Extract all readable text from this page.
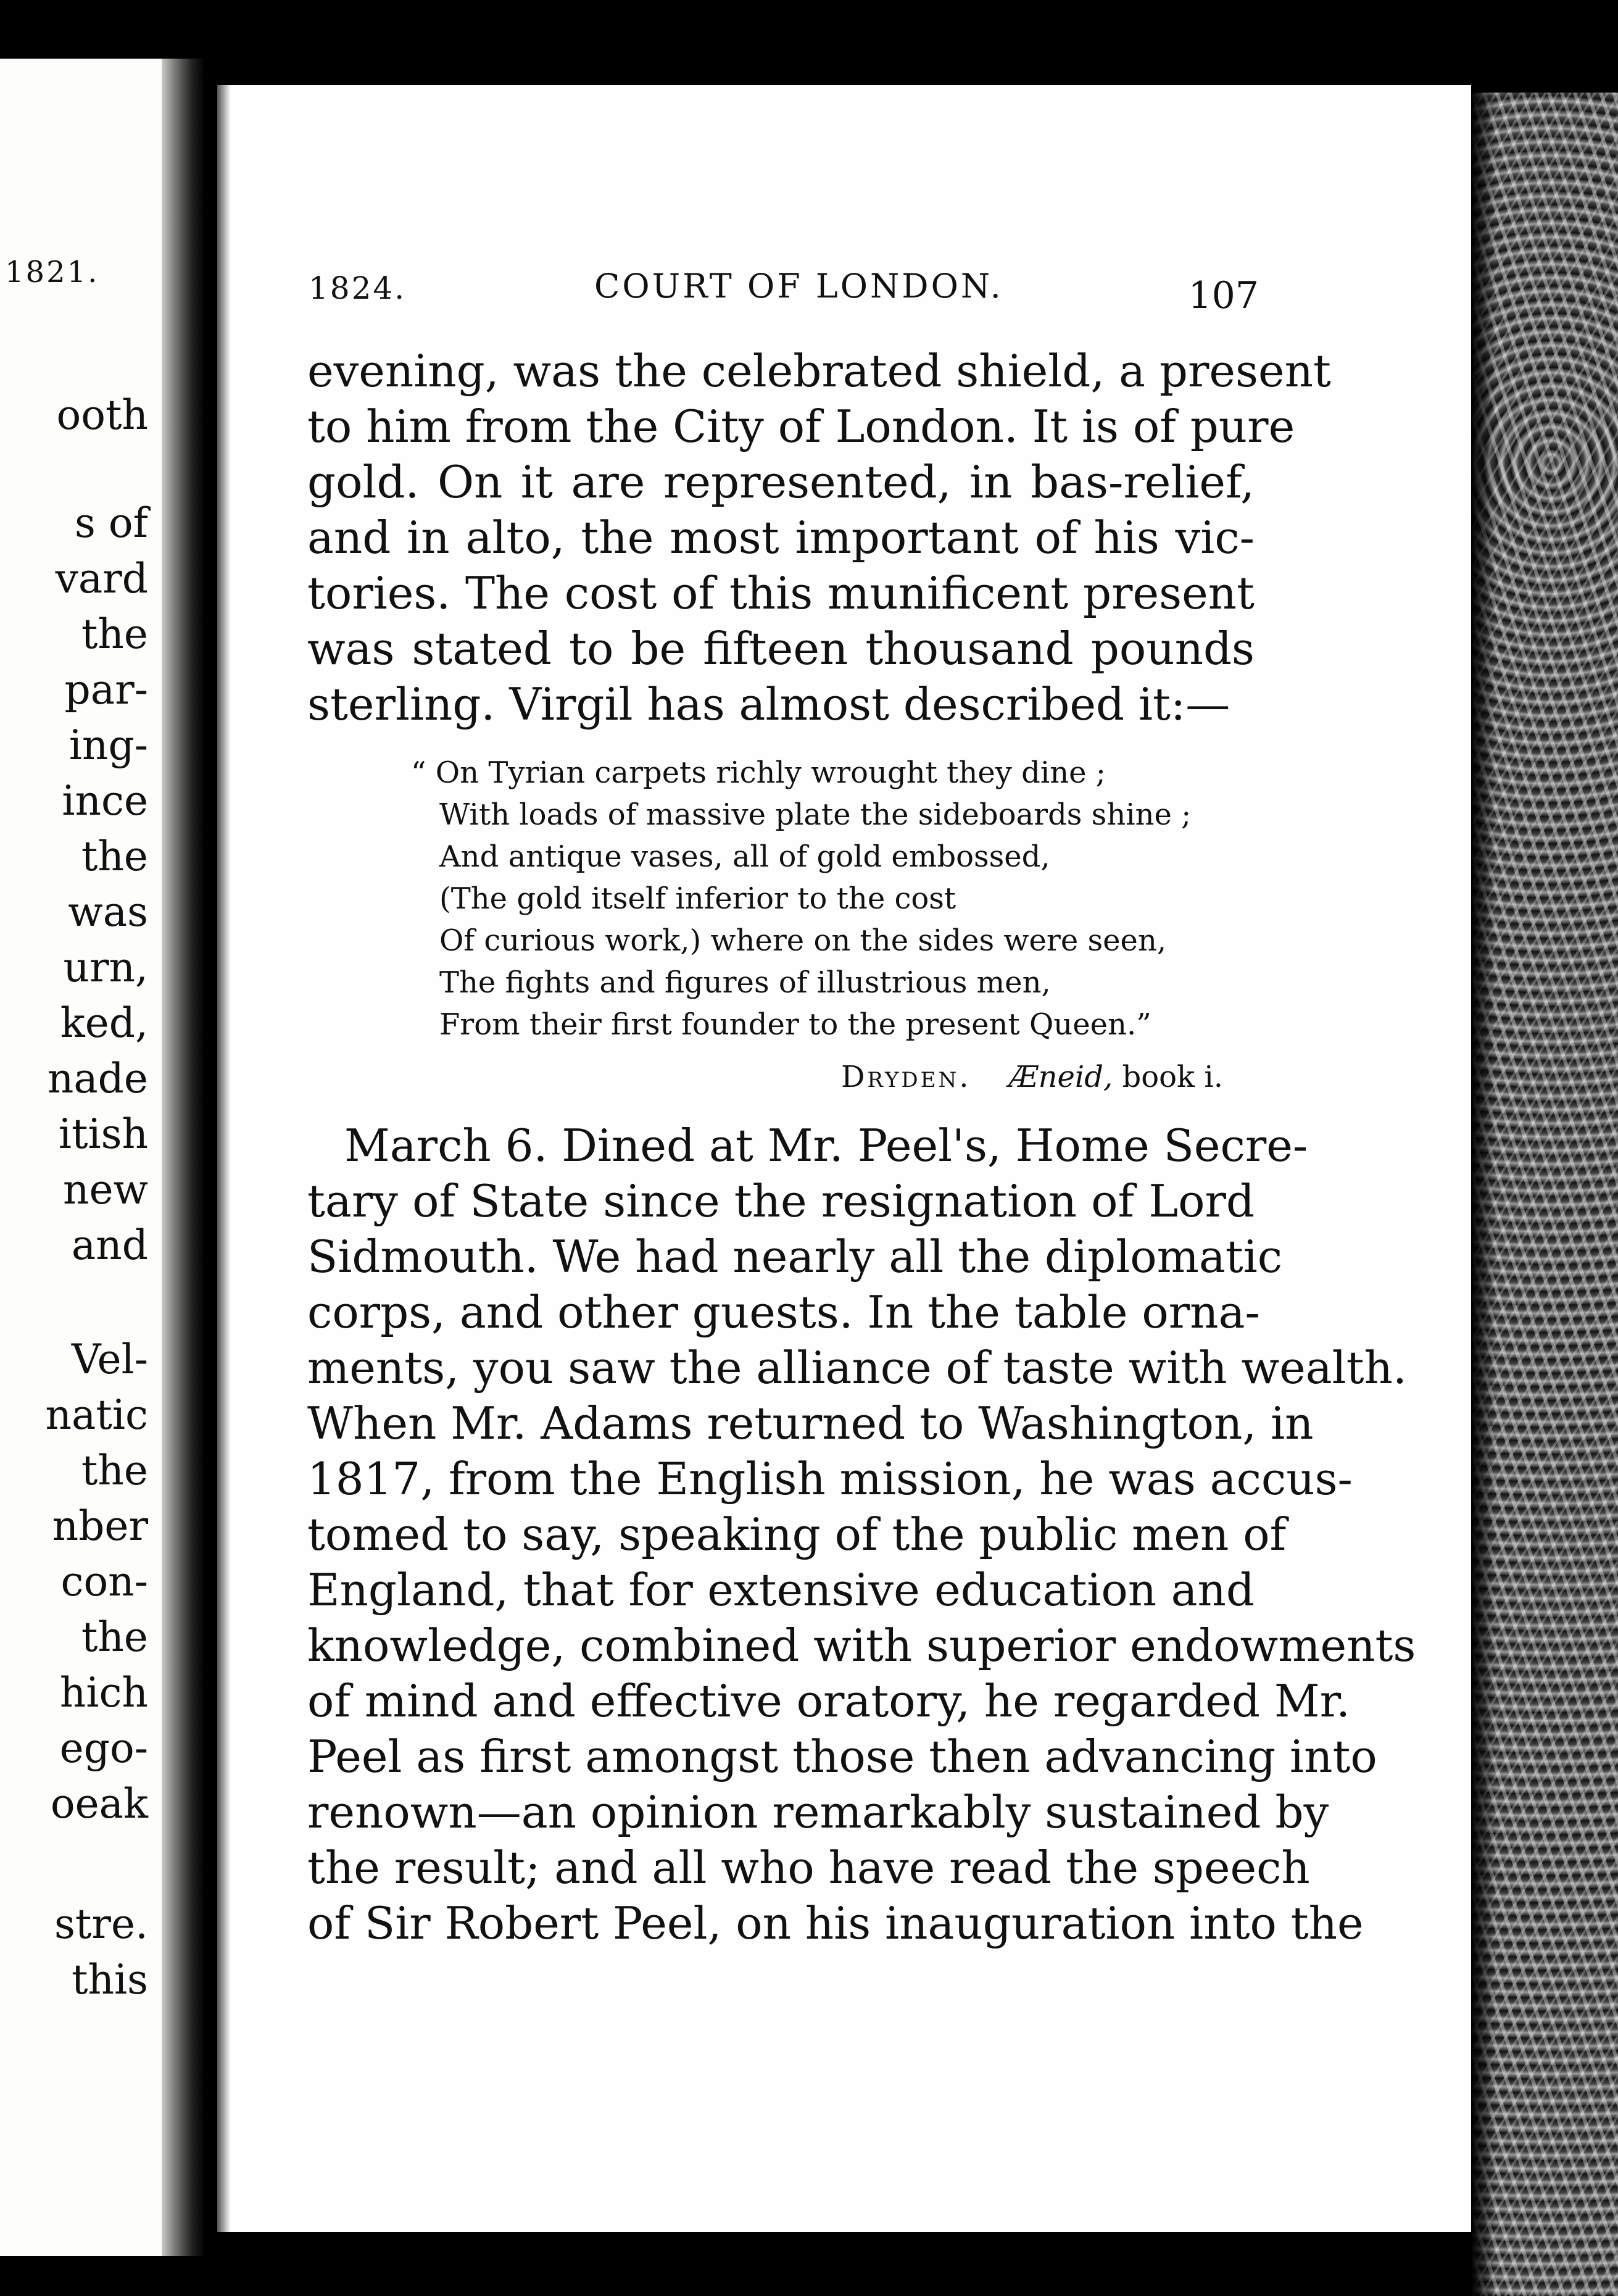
1821.
ooth
s of
vard
the
par-
ing-
ince
the
was
urn,
ked,
nade
itish
new
and
Vel-
natic
the
nber
con-
the
hich
ego-
oeak
stre.
this
1824.	COURT OF LONDON.	107
evening, was the celebrated shield, a present
to him from the City of London. It is of pure
gold. On it are represented, in bas-relief,
and in alto, the most important of his vic-
tories. The cost of this munificent present
was stated to be fifteen thousand pounds
sterling. Virgil has almost described it:—
“ On Tyrian carpets richly wrought they dine ;
With loads of massive plate the sideboards shine ;
And antique vases, all of gold embossed,
(The gold itself inferior to the cost
Of curious work,) where on the sides were seen,
The fights and figures of illustrious men,
From their first founder to the present Queen.”
Dryden. Æneid, book i.
March 6. Dined at Mr. Peel's, Home Secre-
tary of State since the resignation of Lord
Sidmouth. We had nearly all the diplomatic
corps, and other guests. In the table orna-
ments, you saw the alliance of taste with wealth.
When Mr. Adams returned to Washington, in
1817, from the English mission, he was accus-
tomed to say, speaking of the public men of
England, that for extensive education and
knowledge, combined with superior endowments
of mind and effective oratory, he regarded Mr.
Peel as first amongst those then advancing into
renown—an opinion remarkably sustained by
the result; and all who have read the speech
of Sir Robert Peel, on his inauguration into the
